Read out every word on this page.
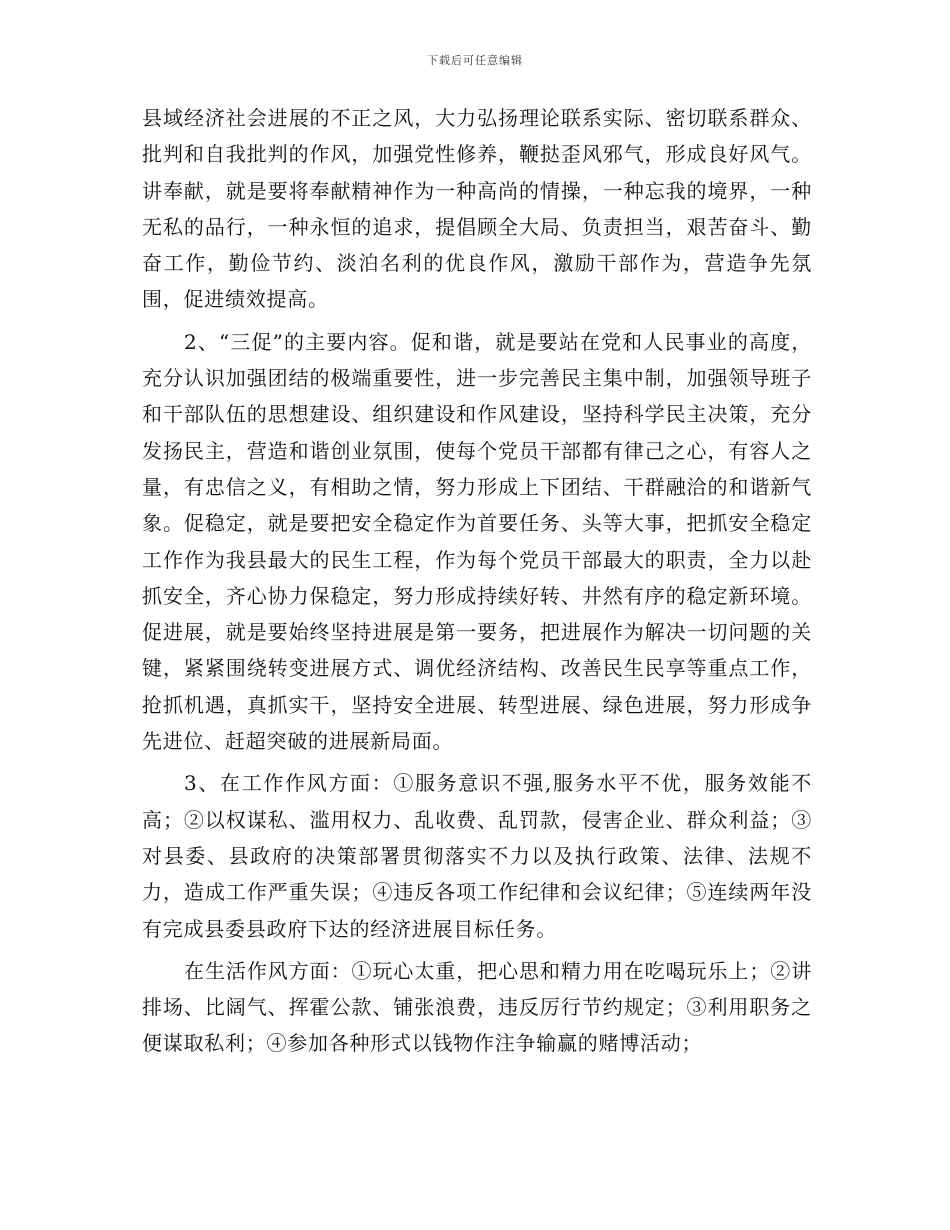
下载后可任意编辑

县域经济社会进展的不正之风，大力弘扬理论联系实际、密切联系群众、批判和自我批判的作风，加强党性修养，鞭挞歪风邪气，形成良好风气。讲奉献，就是要将奉献精神作为一种高尚的情操，一种忘我的境界，一种无私的品行，一种永恒的追求，提倡顾全大局、负责担当，艰苦奋斗、勤奋工作，勤俭节约、淡泊名利的优良作风，激励干部作为，营造争先氛围，促进绩效提高。

2、“三促”的主要内容。促和谐，就是要站在党和人民事业的高度，充分认识加强团结的极端重要性，进一步完善民主集中制，加强领导班子和干部队伍的思想建设、组织建设和作风建设，坚持科学民主决策，充分发扬民主，营造和谐创业氛围，使每个党员干部都有律己之心，有容人之量，有忠信之义，有相助之情，努力形成上下团结、干群融洽的和谐新气象。促稳定，就是要把安全稳定作为首要任务、头等大事，把抓安全稳定工作作为我县最大的民生工程，作为每个党员干部最大的职责，全力以赴抓安全，齐心协力保稳定，努力形成持续好转、井然有序的稳定新环境。促进展，就是要始终坚持进展是第一要务，把进展作为解决一切问题的关键，紧紧围绕转变进展方式、调优经济结构、改善民生民享等重点工作，抢抓机遇，真抓实干，坚持安全进展、转型进展、绿色进展，努力形成争先进位、赶超突破的进展新局面。

3、在工作作风方面：①服务意识不强,服务水平不优，服务效能不高；②以权谋私、滥用权力、乱收费、乱罚款，侵害企业、群众利益；③对县委、县政府的决策部署贯彻落实不力以及执行政策、法律、法规不力，造成工作严重失误；④违反各项工作纪律和会议纪律；⑤连续两年没有完成县委县政府下达的经济进展目标任务。

在生活作风方面：①玩心太重，把心思和精力用在吃喝玩乐上；②讲排场、比阔气、挥霍公款、铺张浪费，违反厉行节约规定；③利用职务之便谋取私利；④参加各种形式以钱物作注争输赢的赌博活动；
